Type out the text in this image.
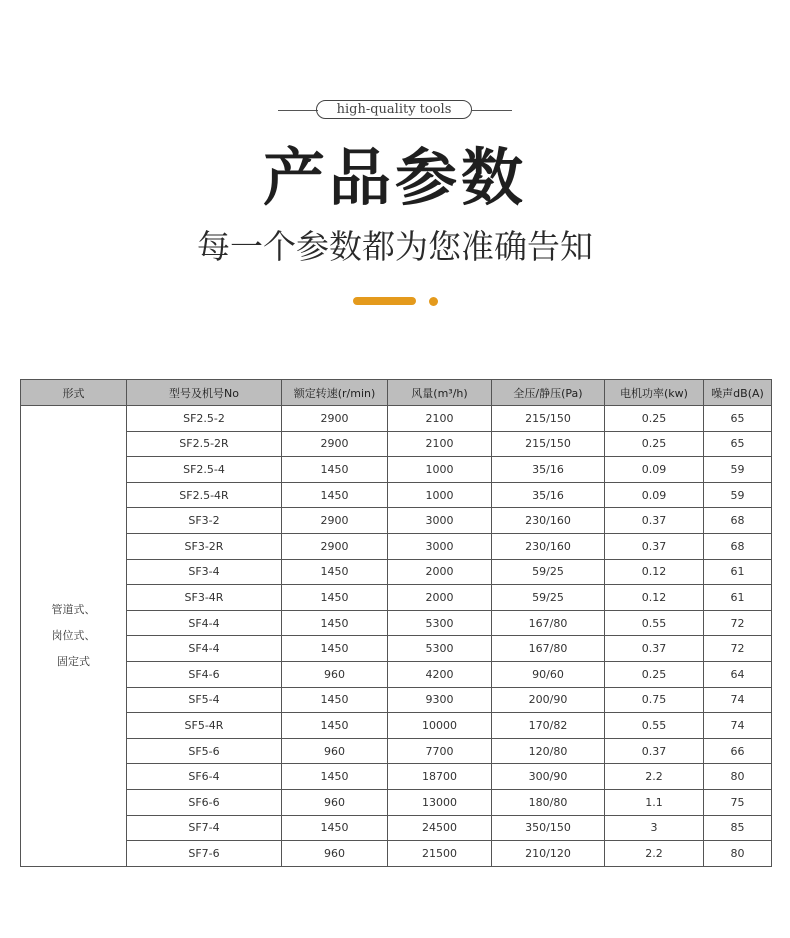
high-quality tools
产品参数
每一个参数都为您准确告知
形式	型号及机号No	额定转速(r/min)	风量(m³/h)	全压/静压(Pa)	电机功率(kw)	噪声dB(A)

管道式、
岗位式、
固定式	SF2.5-2	2900	2100	215/150	0.25	65
	SF2.5-2R	2900	2100	215/150	0.25	65
	SF2.5-4	1450	1000	35/16	0.09	59
	SF2.5-4R	1450	1000	35/16	0.09	59
	SF3-2	2900	3000	230/160	0.37	68
	SF3-2R	2900	3000	230/160	0.37	68
	SF3-4	1450	2000	59/25	0.12	61
	SF3-4R	1450	2000	59/25	0.12	61
	SF4-4	1450	5300	167/80	0.55	72
	SF4-4	1450	5300	167/80	0.37	72
	SF4-6	960	4200	90/60	0.25	64
	SF5-4	1450	9300	200/90	0.75	74
	SF5-4R	1450	10000	170/82	0.55	74
	SF5-6	960	7700	120/80	0.37	66
	SF6-4	1450	18700	300/90	2.2	80
	SF6-6	960	13000	180/80	1.1	75
	SF7-4	1450	24500	350/150	3	85
	SF7-6	960	21500	210/120	2.2	80
